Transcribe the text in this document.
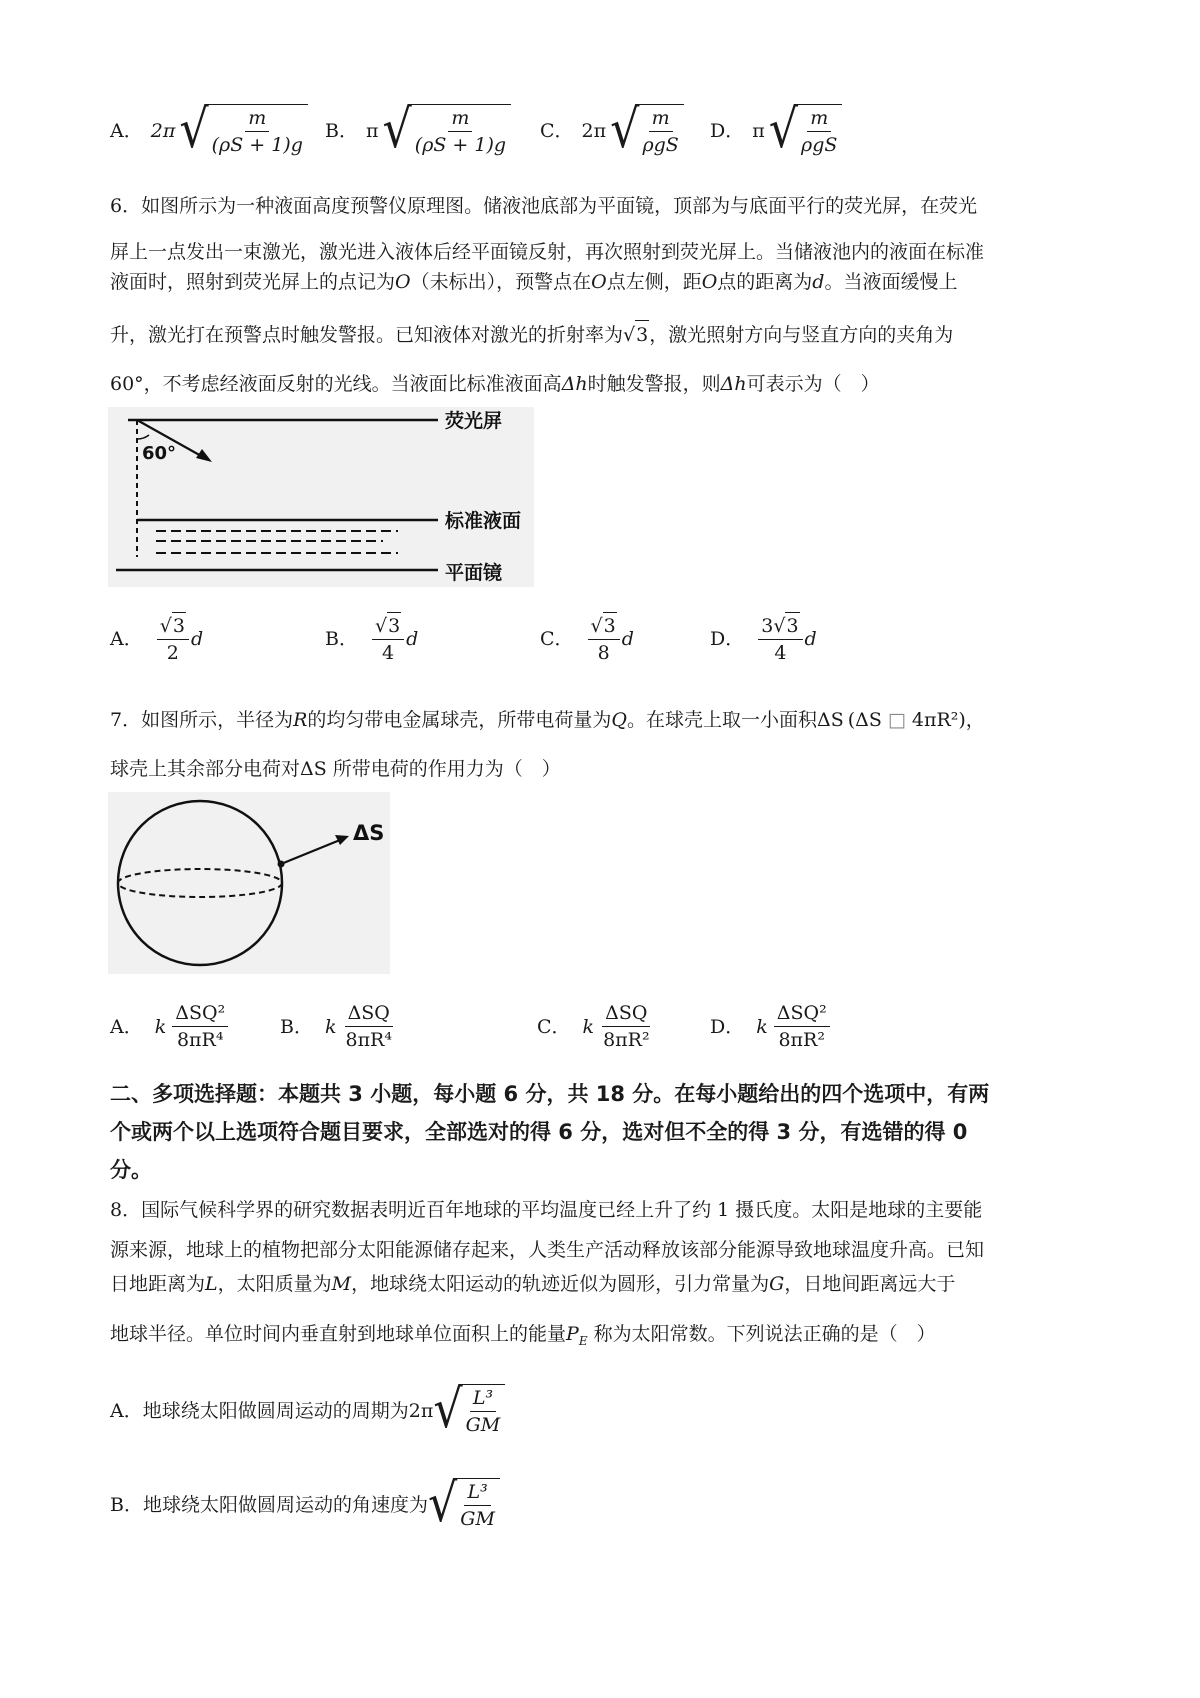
A． 2π √ $\frac{m}{(\rho S + 1)g}$ B． π √ $\frac{m}{(\rho S + 1)g}$ C． 2π √ $\frac{m}{\text{ρgS}}$ D． π √ $\frac{m}{\text{ρgS}}$
6．如图所示为一种液面高度预警仪原理图。储液池底部为平面镜，顶部为与底面平行的荧光屏，在荧光
屏上一点发出一束激光，激光进入液体后经平面镜反射，再次照射到荧光屏上。当储液池内的液面在标准
液面时，照射到荧光屏上的点记为O（未标出），预警点在O点左侧，距O点的距离为d。当液面缓慢上
升，激光打在预警点时触发警报。已知液体对激光的折射率为√3，激光照射方向与竖直方向的夹角为
60°，不考虑经液面反射的光线。当液面比标准液面高Δh时触发警报，则Δh可表示为（　）
60°
荧光屏
标准液面
平面镜
A． $\frac{√3}{2}$ d	B． $\frac{√3}{4}$ d	C． $\frac{√3}{8}$ d	D． $\frac{3√3}{4}$ d
7．如图所示，半径为R的均匀带电金属球壳，所带电荷量为Q。在球壳上取一小面积ΔS (ΔS □ 4πR²)，
球壳上其余部分电荷对ΔS 所带电荷的作用力为（　）
ΔS
A． k $\frac{\text{ΔSQ²}}{\text{8πR⁴}}$	B． k $\frac{\text{ΔSQ}}{\text{8πR⁴}}$	C． k $\frac{\text{ΔSQ}}{\text{8πR²}}$	D． k $\frac{\text{ΔSQ²}}{\text{8πR²}}$
二、多项选择题：本题共 3 小题，每小题 6 分，共 18 分。在每小题给出的四个选项中，有两
个或两个以上选项符合题目要求，全部选对的得 6 分，选对但不全的得 3 分，有选错的得 0
分。
8．国际气候科学界的研究数据表明近百年地球的平均温度已经上升了约 1 摄氏度。太阳是地球的主要能
源来源，地球上的植物把部分太阳能源储存起来，人类生产活动释放该部分能源导致地球温度升高。已知
日地距离为L，太阳质量为M，地球绕太阳运动的轨迹近似为圆形，引力常量为G，日地间距离远大于
地球半径。单位时间内垂直射到地球单位面积上的能量$P_E$ 称为太阳常数。下列说法正确的是（　）
A．地球绕太阳做圆周运动的周期为 2π √ $\frac{\text{L³}}{GM}$
B．地球绕太阳做圆周运动的角速度为 √ $\frac{\text{L³}}{GM}$
